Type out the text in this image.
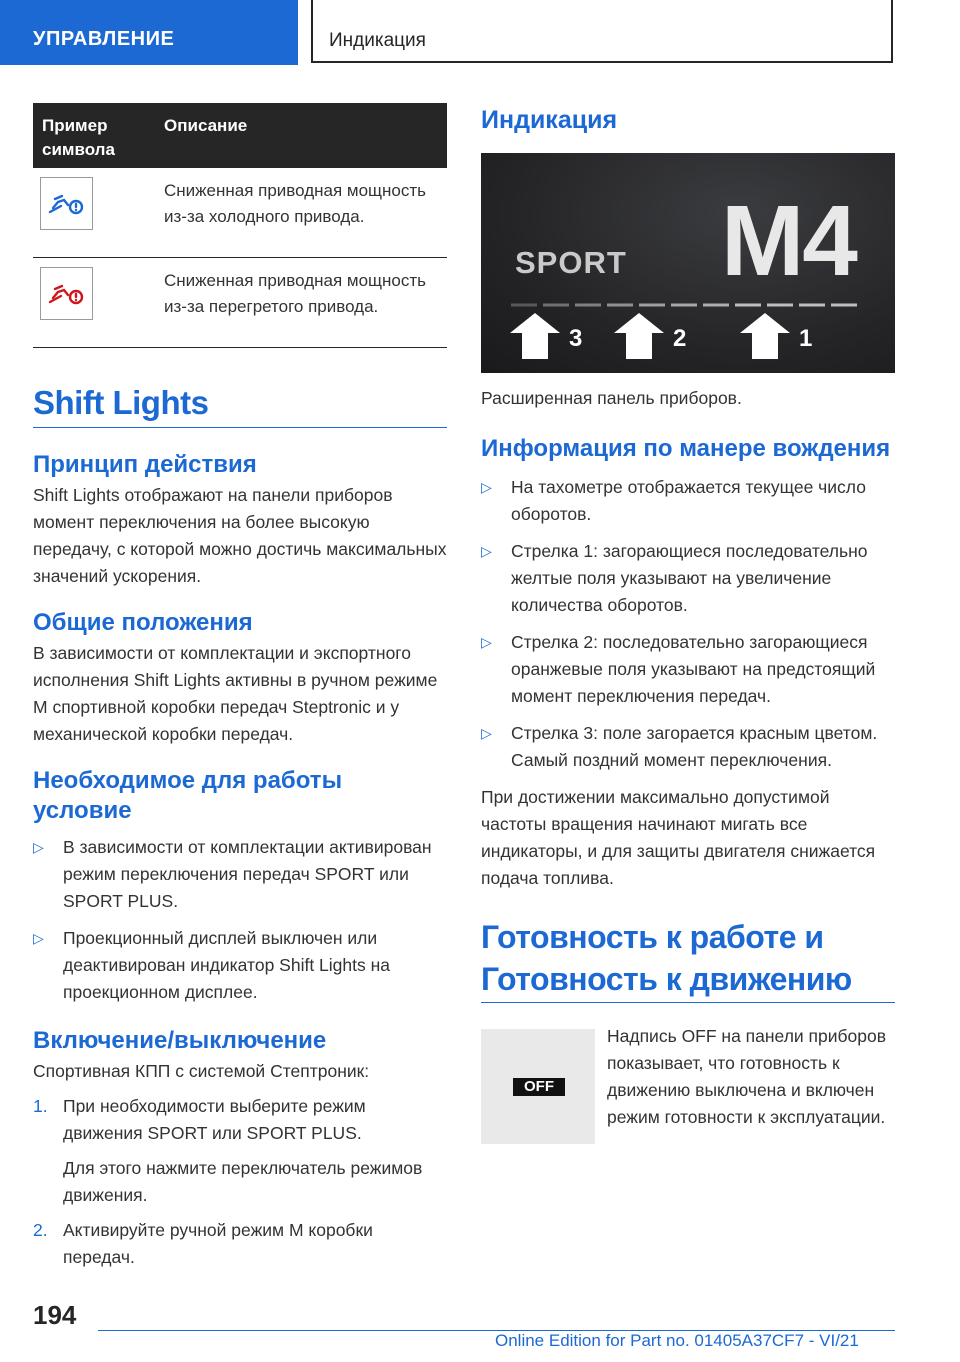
УПРАВЛЕНИЕ	Индикация
Пример символа
Описание
Сниженная приводная мощность из-за холодного привода.
Сниженная приводная мощность из-за перегретого привода.
Shift Lights
Принцип действия

Shift Lights отображают на панели приборов момент переключения на более высокую передачу, с которой можно достичь максимальных значений ускорения.

Общие положения

В зависимости от комплектации и экспортного исполнения Shift Lights активны в ручном режиме M спортивной коробки передач Steptronic и у механической коробки передач.

Необходимое для работы условие
▷ В зависимости от комплектации активирован режим переключения передач SPORT или SPORT PLUS.
▷ Проекционный дисплей выключен или деактивирован индикатор Shift Lights на проекционном дисплее.
Включение/выключение

Спортивная КПП с системой Стептроник:

1. При необходимости выберите режим движения SPORT или SPORT PLUS.
Для этого нажмите переключатель режимов движения.
2. Активируйте ручной режим M коробки передач.
Индикация
SPORT M4
3	2	1

Расширенная панель приборов.

Информация по манере вождения
▷ На тахометре отображается текущее число оборотов.
▷ Стрелка 1: загорающиеся последовательно желтые поля указывают на увеличение количества оборотов.
▷ Стрелка 2: последовательно загорающиеся оранжевые поля указывают на предстоящий момент переключения передач.
▷ Стрелка 3: поле загорается красным цветом. Самый поздний момент переключения.

При достижении максимально допустимой частоты вращения начинают мигать все индикаторы, и для защиты двигателя снижается подача топлива.

Готовность к работе и Готовность к движению
OFF

Надпись OFF на панели приборов показывает, что готовность к движению выключена и включен режим готовности к эксплуатации.

194
Online Edition for Part no. 01405A37CF7 - VI/21
